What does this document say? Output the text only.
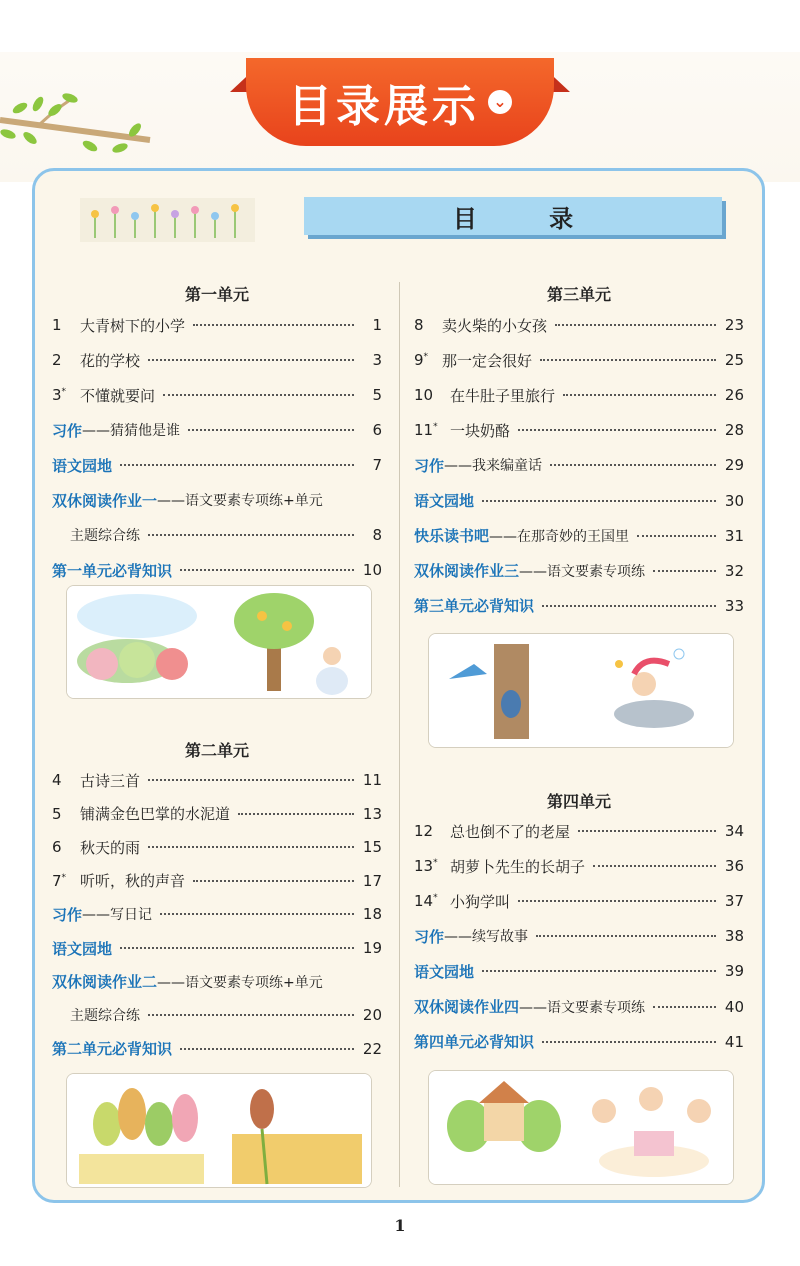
目录展示 ⌄
目 录
第一单元
第二单元
第三单元
第四单元
1
1	大青树下的小学	1
2	花的学校	3
3* 不懂就要问	5
习作 ——猜猜他是谁	6
语文园地	7
双休阅读作业一 ——语文要素专项练+单元
主题综合练	8
第一单元必背知识	10
4	古诗三首	11
5	铺满金色巴掌的水泥道	13
6	秋天的雨	15
7* 听听，秋的声音	17
习作 ——写日记	18
语文园地	19
双休阅读作业二 ——语文要素专项练+单元
主题综合练	20
第二单元必背知识	22
8	卖火柴的小女孩	23
9* 那一定会很好	25
10	在牛肚子里旅行	26
11* 一块奶酪	28
习作 ——我来编童话	29
语文园地	30
快乐读书吧 ——在那奇妙的王国里	31
双休阅读作业三 ——语文要素专项练	32
第三单元必背知识	33
12	总也倒不了的老屋	34
13* 胡萝卜先生的长胡子	36
14* 小狗学叫	37
习作 ——续写故事	38
语文园地	39
双休阅读作业四 ——语文要素专项练	40
第四单元必背知识	41
